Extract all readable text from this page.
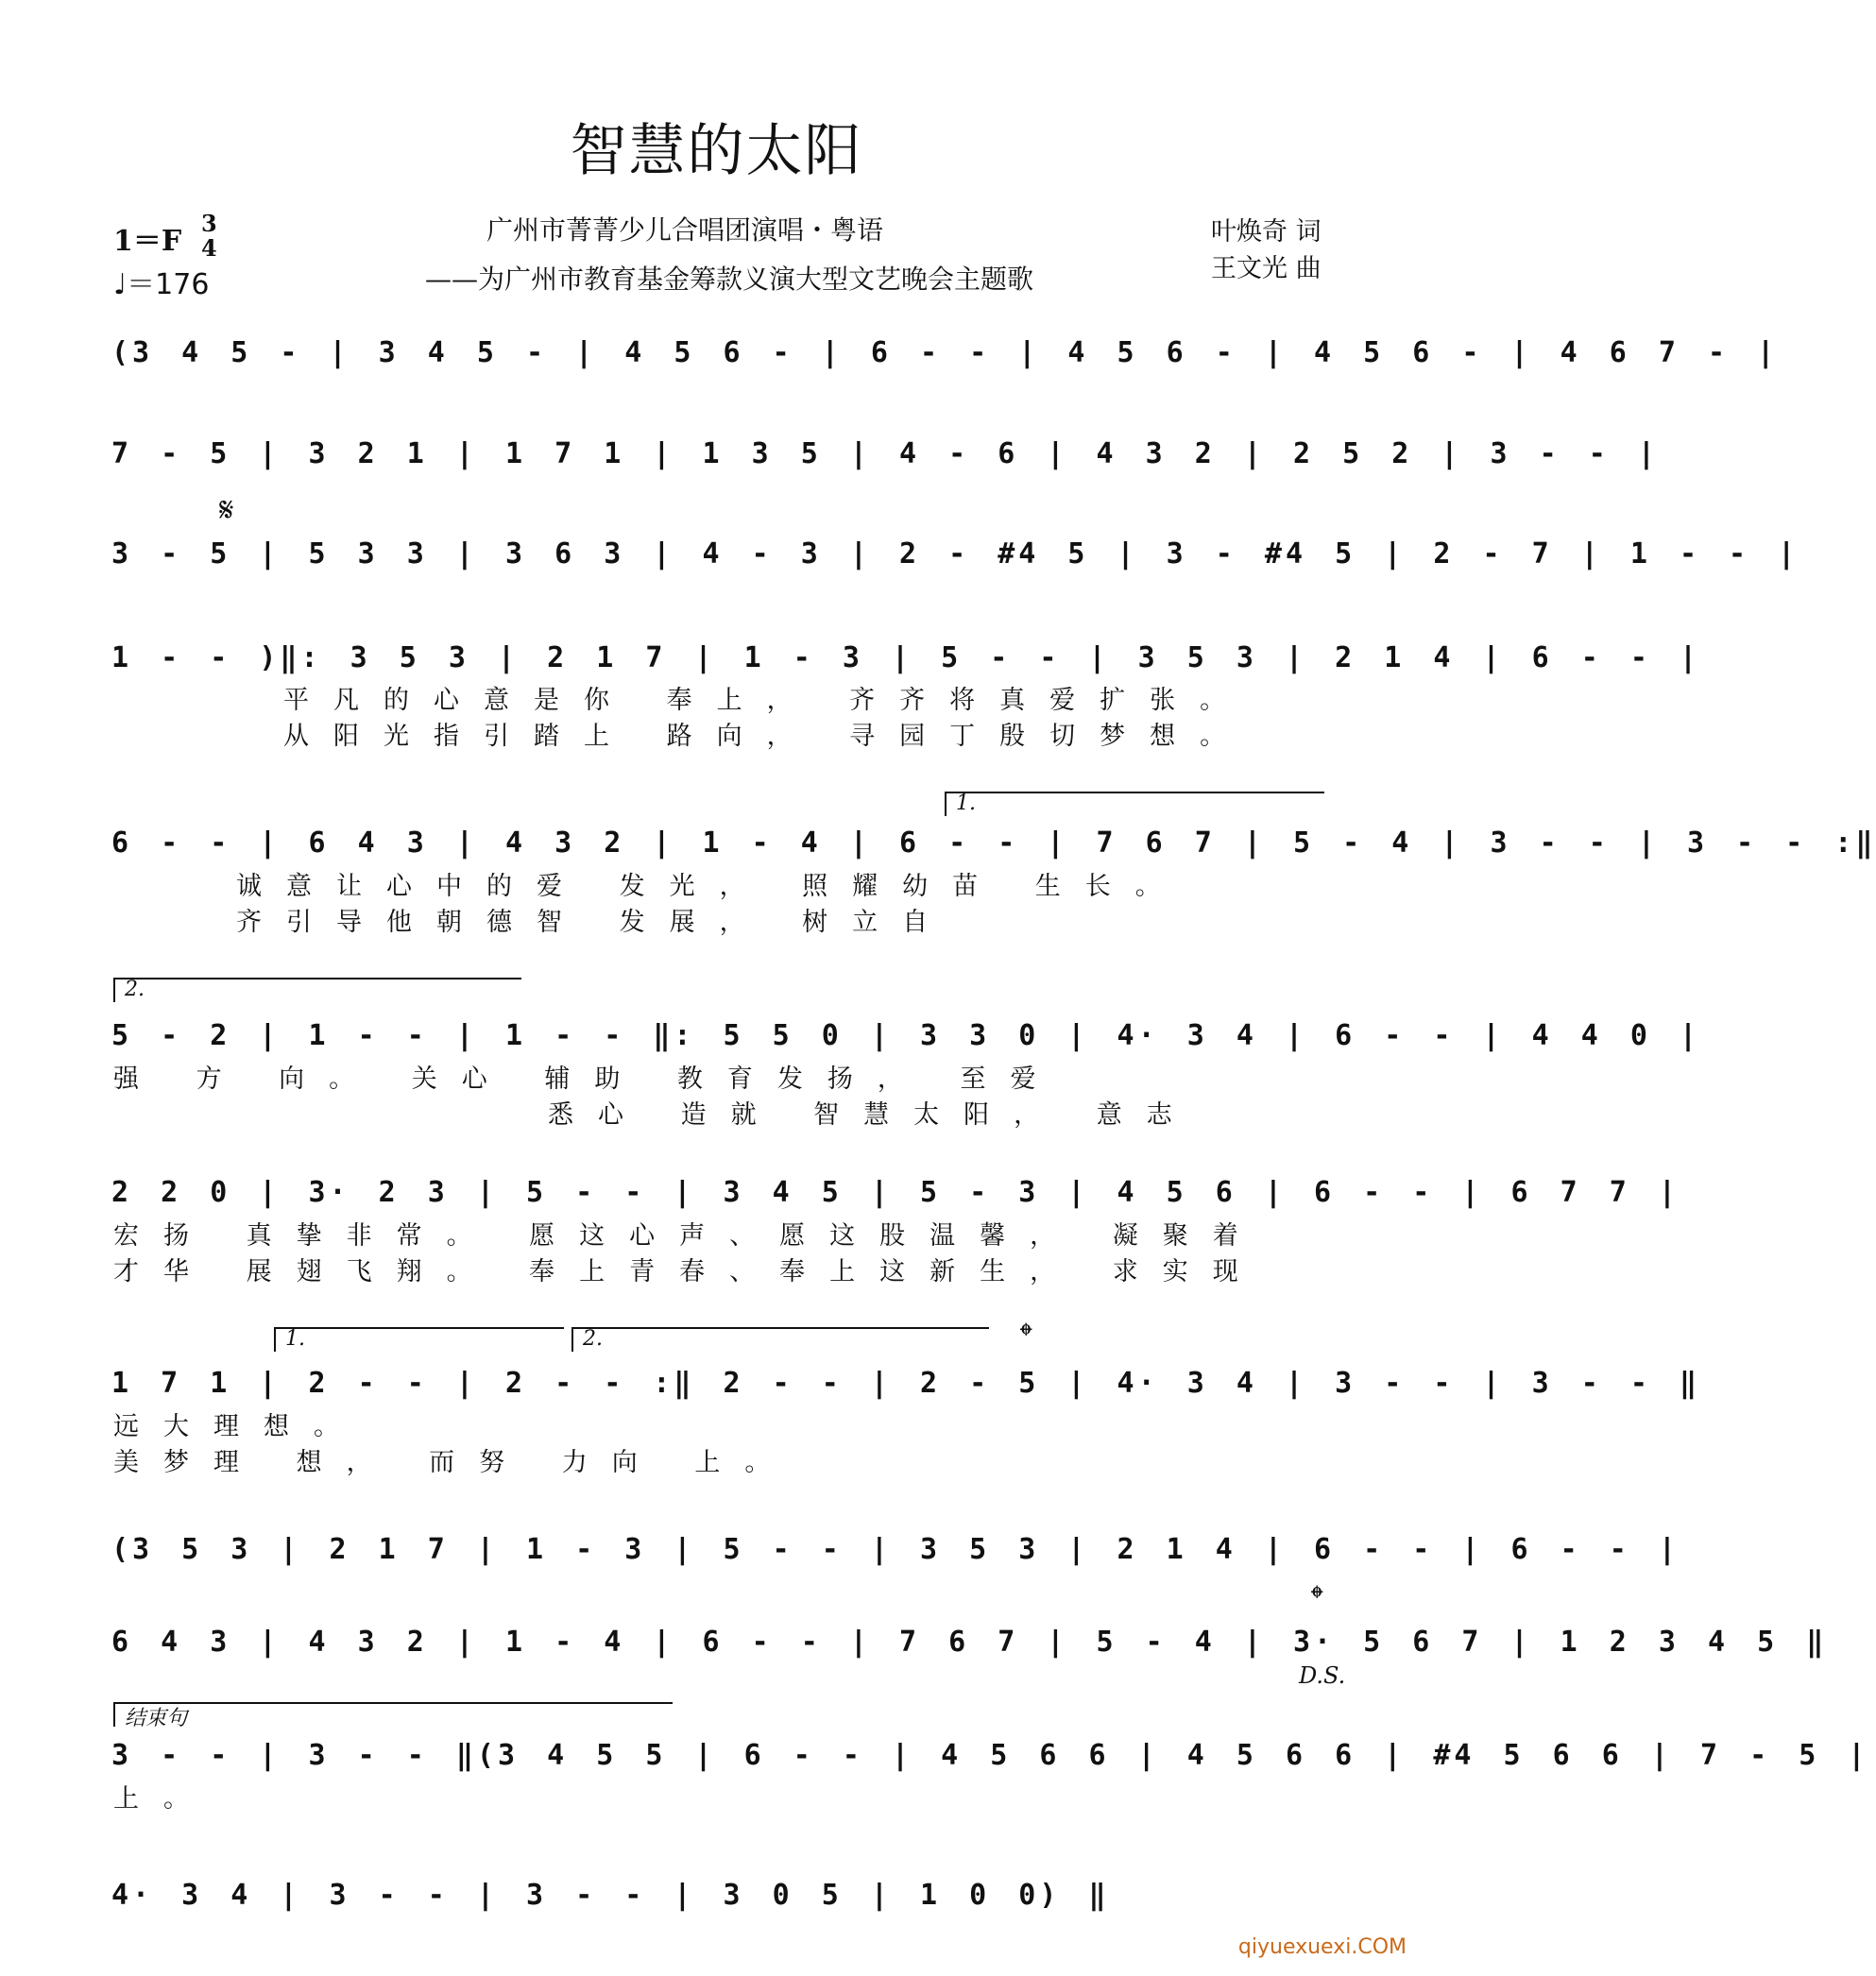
智慧的太阳
1＝F
3
4
♩＝176
广州市菁菁少儿合唱团演唱・粤语
——为广州市教育基金筹款义演大型文艺晚会主题歌
叶焕奇 词
王文光 曲
(3 4 5 - | 3 4 5 - | 4 5 6 - | 6 - - | 4 5 6 - | 4 5 6 - | 4 6 7 - |
7 - 5 | 3 2 1 | 1 7 1 | 1 3 5 | 4 - 6 | 4 3 2 | 2 5 2 | 3 - - |
𝄋
3 - 5 | 5 3 3 | 3 6 3 | 4 - 3 | 2 - #4 5 | 3 - #4 5 | 2 - 7 | 1 - - |
1 - - )‖: 3 5 3 | 2 1 7 | 1 - 3 | 5 - - | 3 5 3 | 2 1 4 | 6 - - |
平凡的心意是你 奉上， 齐齐将真爱扩张。
从阳光指引踏上 路向， 寻园丁殷切梦想。
1.
6 - - | 6 4 3 | 4 3 2 | 1 - 4 | 6 - - | 7 6 7 | 5 - 4 | 3 - - | 3 - - :‖
诚意让心中的爱 发光， 照耀幼苗 生长。
齐引导他朝德智 发展， 树立自
2.
5 - 2 | 1 - - | 1 - - ‖: 5 5 0 | 3 3 0 | 4· 3 4 | 6 - - | 4 4 0 |
强 方 向。 关心 辅助 教育发扬， 至爱
悉心 造就 智慧太阳， 意志
2 2 0 | 3· 2 3 | 5 - - | 3 4 5 | 5 - 3 | 4 5 6 | 6 - - | 6 7 7 |
宏扬 真挚非常。 愿这心声、愿这股温馨， 凝聚着
才华 展翅飞翔。 奉上青春、奉上这新生， 求实现
1.	2.	𝄌
1 7 1 | 2 - - | 2 - - :‖ 2 - - | 2 - 5 | 4· 3 4 | 3 - - | 3 - - ‖
远大理想。
美梦理 想， 而努 力向 上。
(3 5 3 | 2 1 7 | 1 - 3 | 5 - - | 3 5 3 | 2 1 4 | 6 - - | 6 - - |
𝄌
6 4 3 | 4 3 2 | 1 - 4 | 6 - - | 7 6 7 | 5 - 4 | 3· 5 6 7 | 1 2 3 4 5 ‖
D.S.
结束句
3 - - | 3 - - ‖(3 4 5 5 | 6 - - | 4 5 6 6 | 4 5 6 6 | #4 5 6 6 | 7 - 5 |
上。
4· 3 4 | 3 - - | 3 - - | 3 0 5 | 1 0 0) ‖
qiyuexuexi.COM
